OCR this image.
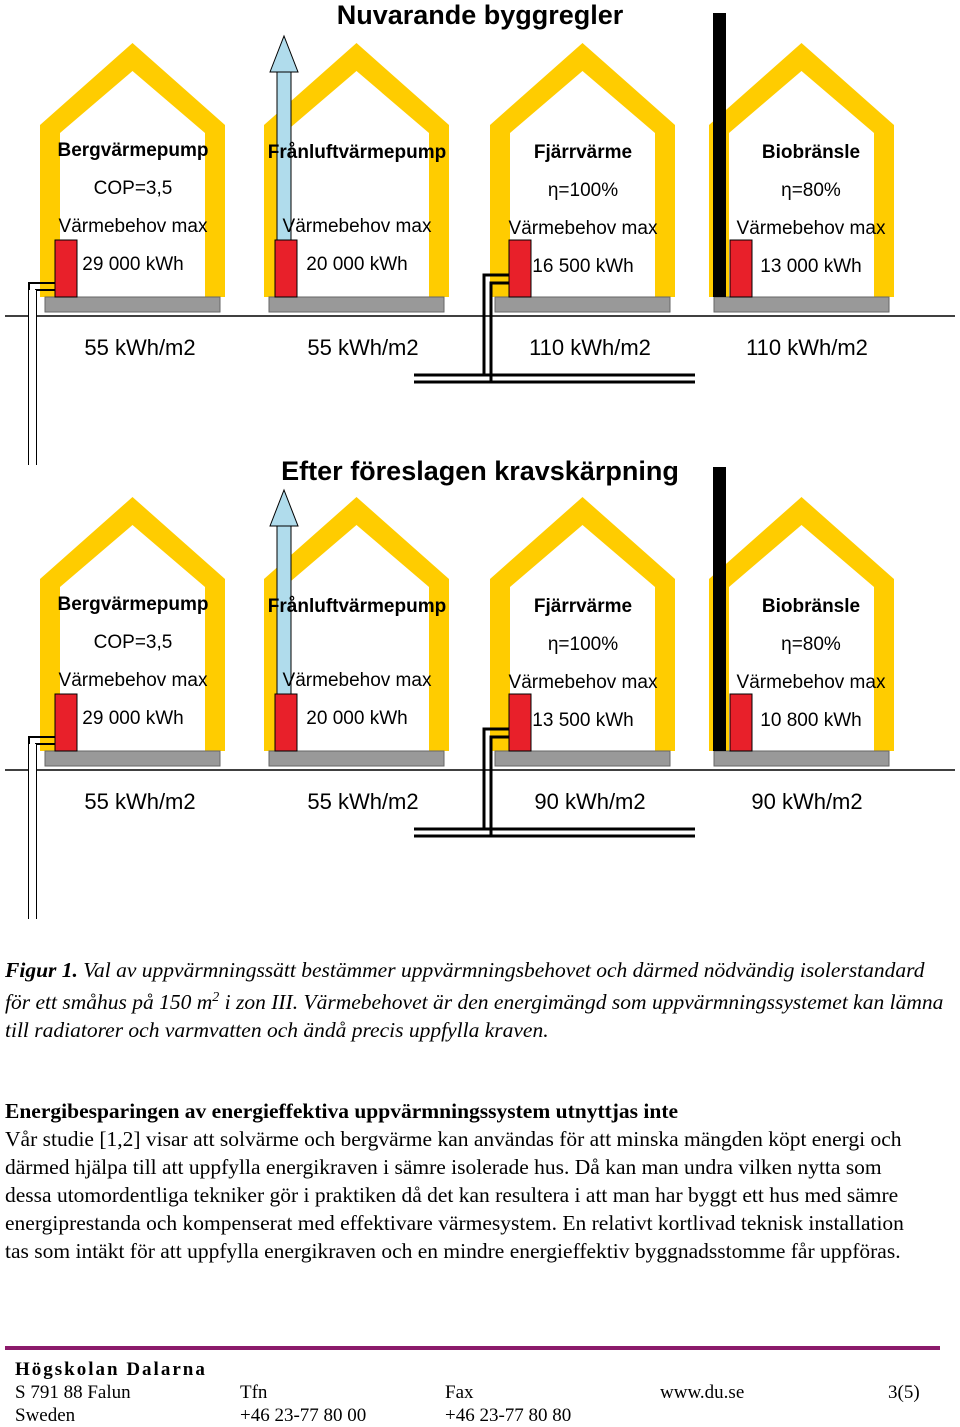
Nuvarande byggregler
Efter föreslagen kravskärpning
Bergvärmepump
COP=3,5
Värmebehov max
29 000 kWh
55 kWh/m2
Frånluftvärmepump
Värmebehov max
20 000 kWh
55 kWh/m2
Fjärrvärme
η=100%
Värmebehov max
16 500 kWh
110 kWh/m2
Biobränsle
η=80%
Värmebehov max
13 000 kWh
110 kWh/m2
Bergvärmepump
COP=3,5
Värmebehov max
29 000 kWh
55 kWh/m2
Frånluftvärmepump
Värmebehov max
20 000 kWh
55 kWh/m2
Fjärrvärme
η=100%
Värmebehov max
13 500 kWh
90 kWh/m2
Biobränsle
η=80%
Värmebehov max
10 800 kWh
90 kWh/m2
Figur 1. Val av uppvärmningssätt bestämmer uppvärmningsbehovet och därmed nödvändig isolerstandard för ett småhus på 150 $m^2$ i zon III. Värmebehovet är den energimängd som uppvärmningssystemet kan lämna till radiatorer och varmvatten och ändå precis uppfylla kraven.
Energibesparingen av energieffektiva uppvärmningssystem utnyttjas inte
Vår studie [1,2] visar att solvärme och bergvärme kan användas för att minska mängden köpt energi och därmed hjälpa till att uppfylla energikraven i sämre isolerade hus. Då kan man undra vilken nytta som dessa utomordentliga tekniker gör i praktiken då det kan resultera i att man har byggt ett hus med sämre energiprestanda och kompenserat med effektivare värmesystem. En relativt kortlivad teknisk installation tas som intäkt för att uppfylla energikraven och en mindre energieffektiv byggnadsstomme får uppföras.
Högskolan Dalarna
S 791 88 Falun
Sweden
Tfn
+46 23-77 80 00
Fax
+46 23-77 80 80
www.du.se	3(5)
